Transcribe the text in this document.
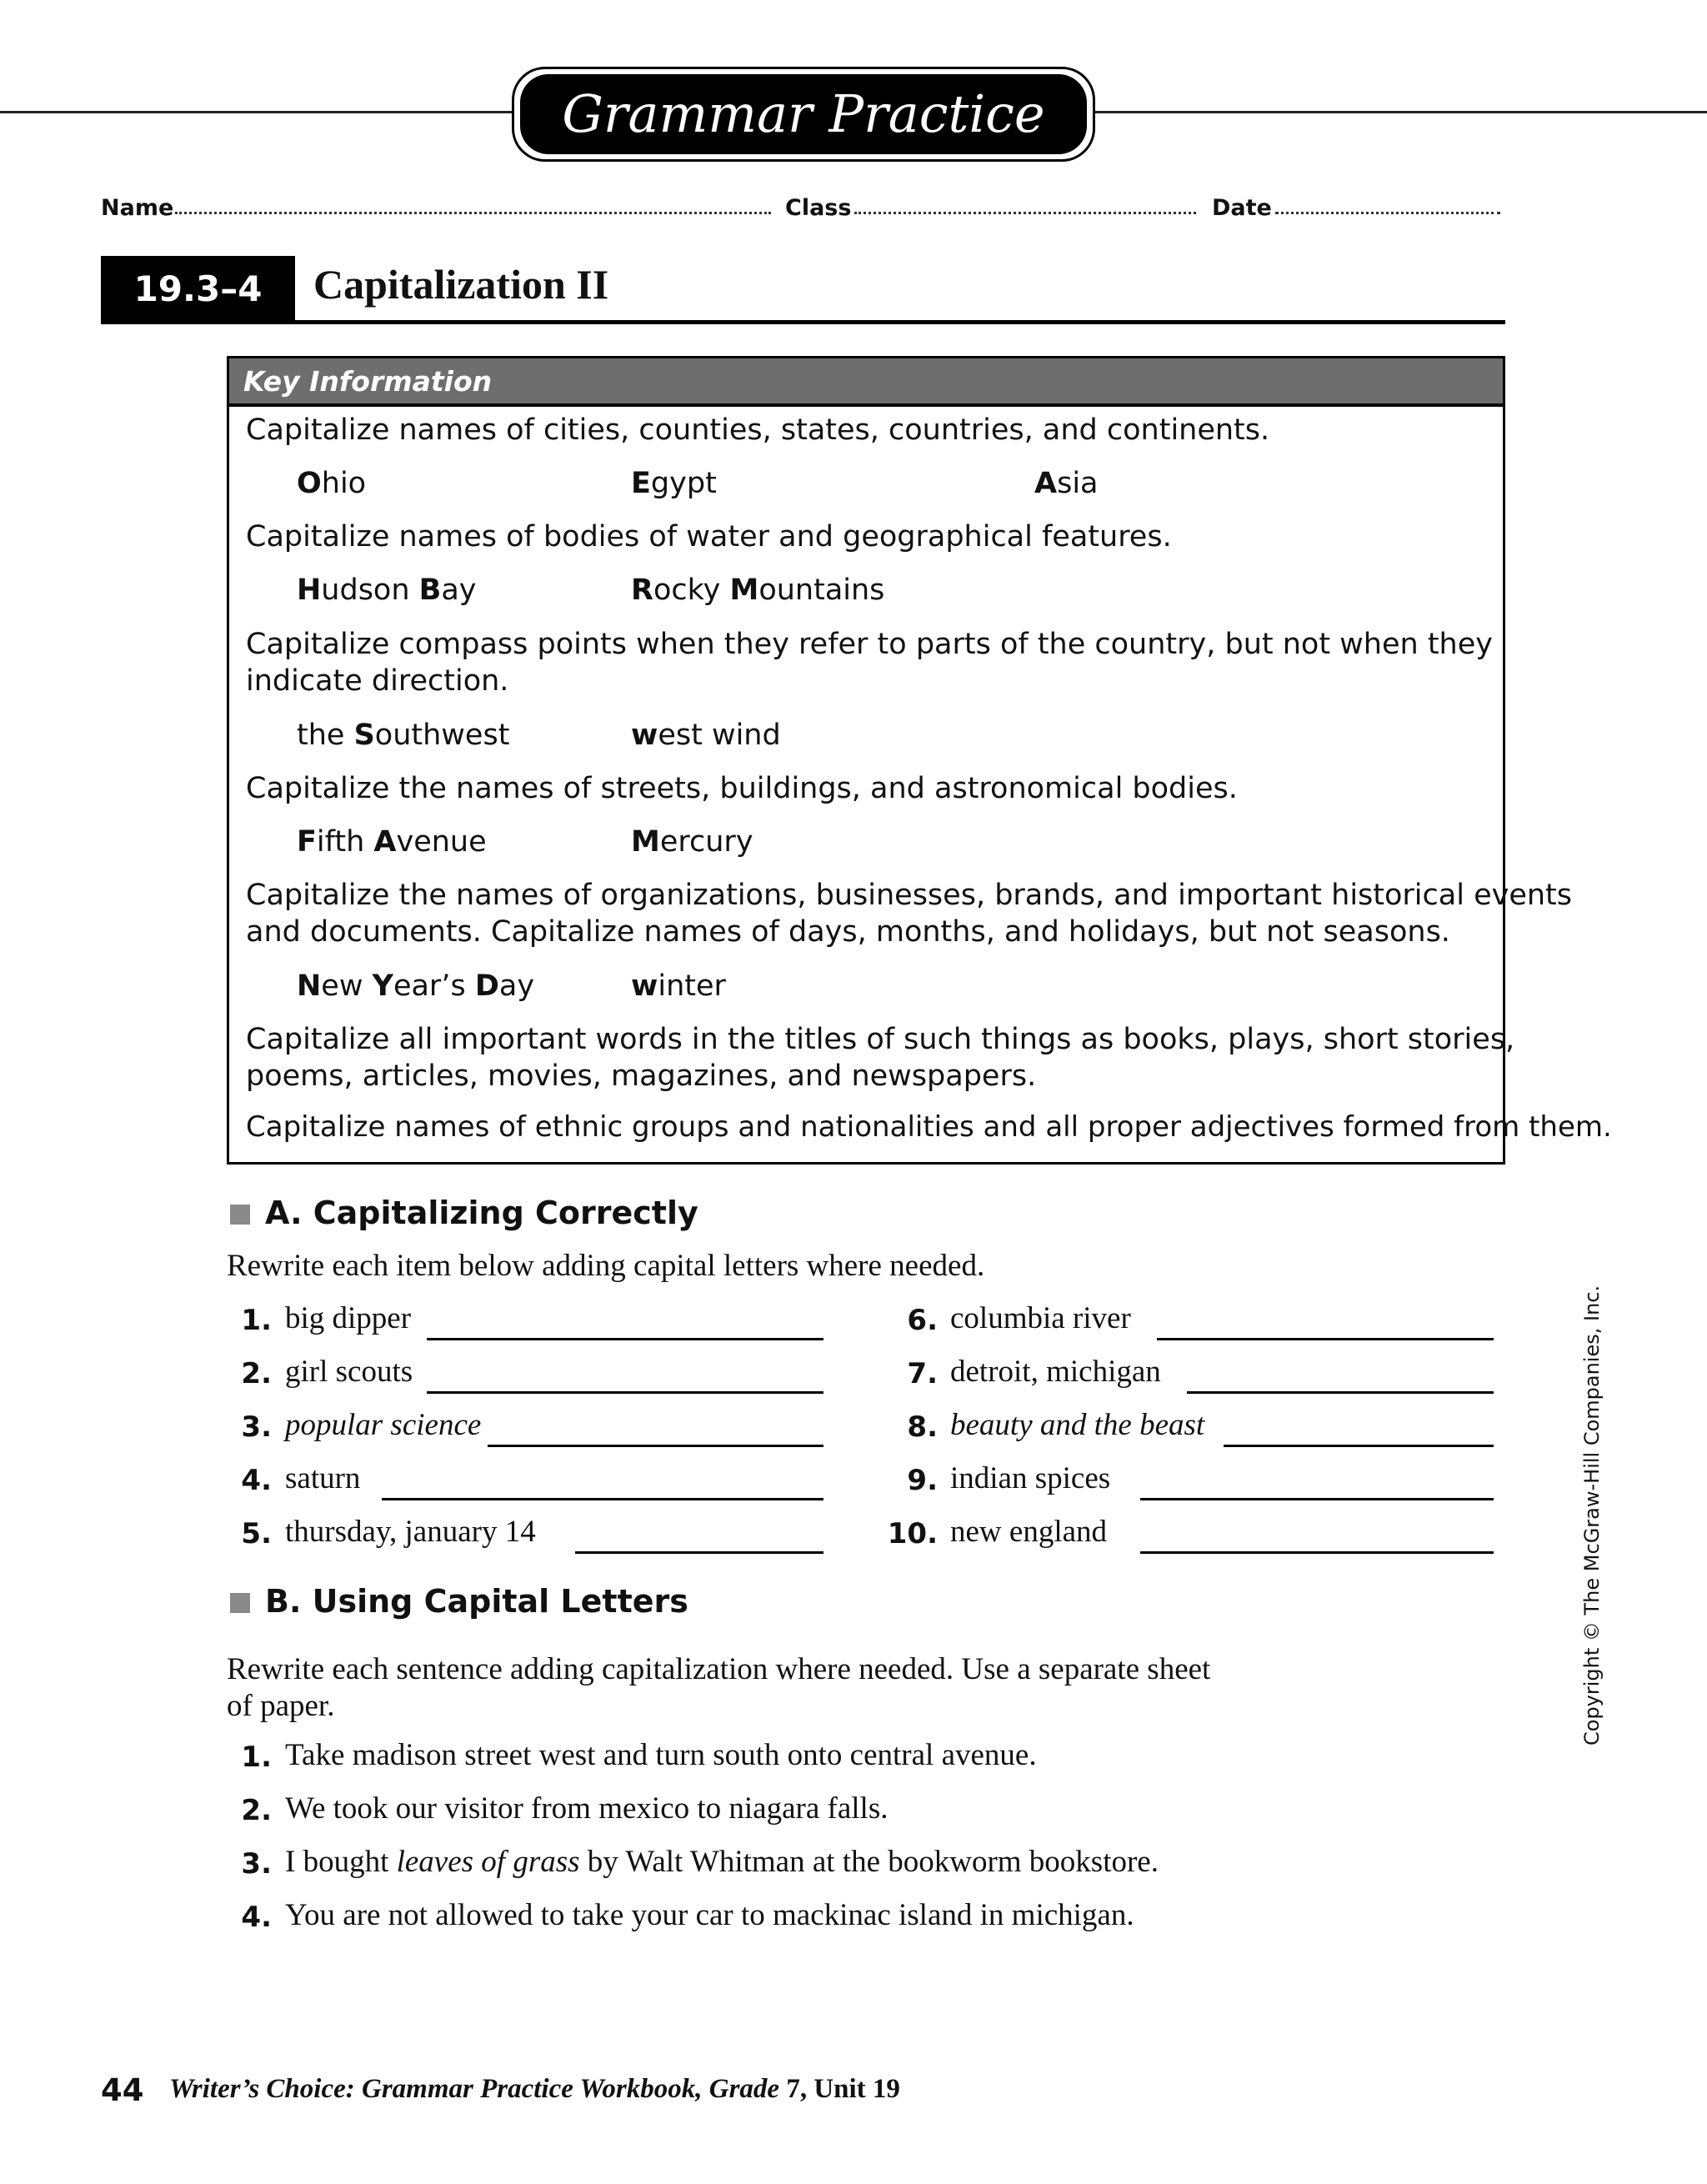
Grammar Practice
Name	Class	Date
19.3–4	Capitalization II
Key Information
Capitalize names of cities, counties, states, countries, and continents.
Ohio	Egypt	Asia
Capitalize names of bodies of water and geographical features.
Hudson Bay	Rocky Mountains
Capitalize compass points when they refer to parts of the country, but not when they
indicate direction.
the Southwest	west wind
Capitalize the names of streets, buildings, and astronomical bodies.
Fifth Avenue	Mercury
Capitalize the names of organizations, businesses, brands, and important historical events
and documents. Capitalize names of days, months, and holidays, but not seasons.
New Year’s Day	winter
Capitalize all important words in the titles of such things as books, plays, short stories,
poems, articles, movies, magazines, and newspapers.
Capitalize names of ethnic groups and nationalities and all proper adjectives formed from them.
A. Capitalizing Correctly
Rewrite each item below adding capital letters where needed.
1. big dipper
2. girl scouts
3. popular science
4. saturn
5. thursday, january 14
6. columbia river
7. detroit, michigan
8. beauty and the beast
9. indian spices
10. new england
B. Using Capital Letters
Rewrite each sentence adding capitalization where needed. Use a separate sheet
of paper.
1. Take madison street west and turn south onto central avenue.
2. We took our visitor from mexico to niagara falls.
3. I bought leaves of grass by Walt Whitman at the bookworm bookstore.
4. You are not allowed to take your car to mackinac island in michigan.
Copyright © The McGraw-Hill Companies, Inc.
44 Writer’s Choice: Grammar Practice Workbook, Grade 7, Unit 19
